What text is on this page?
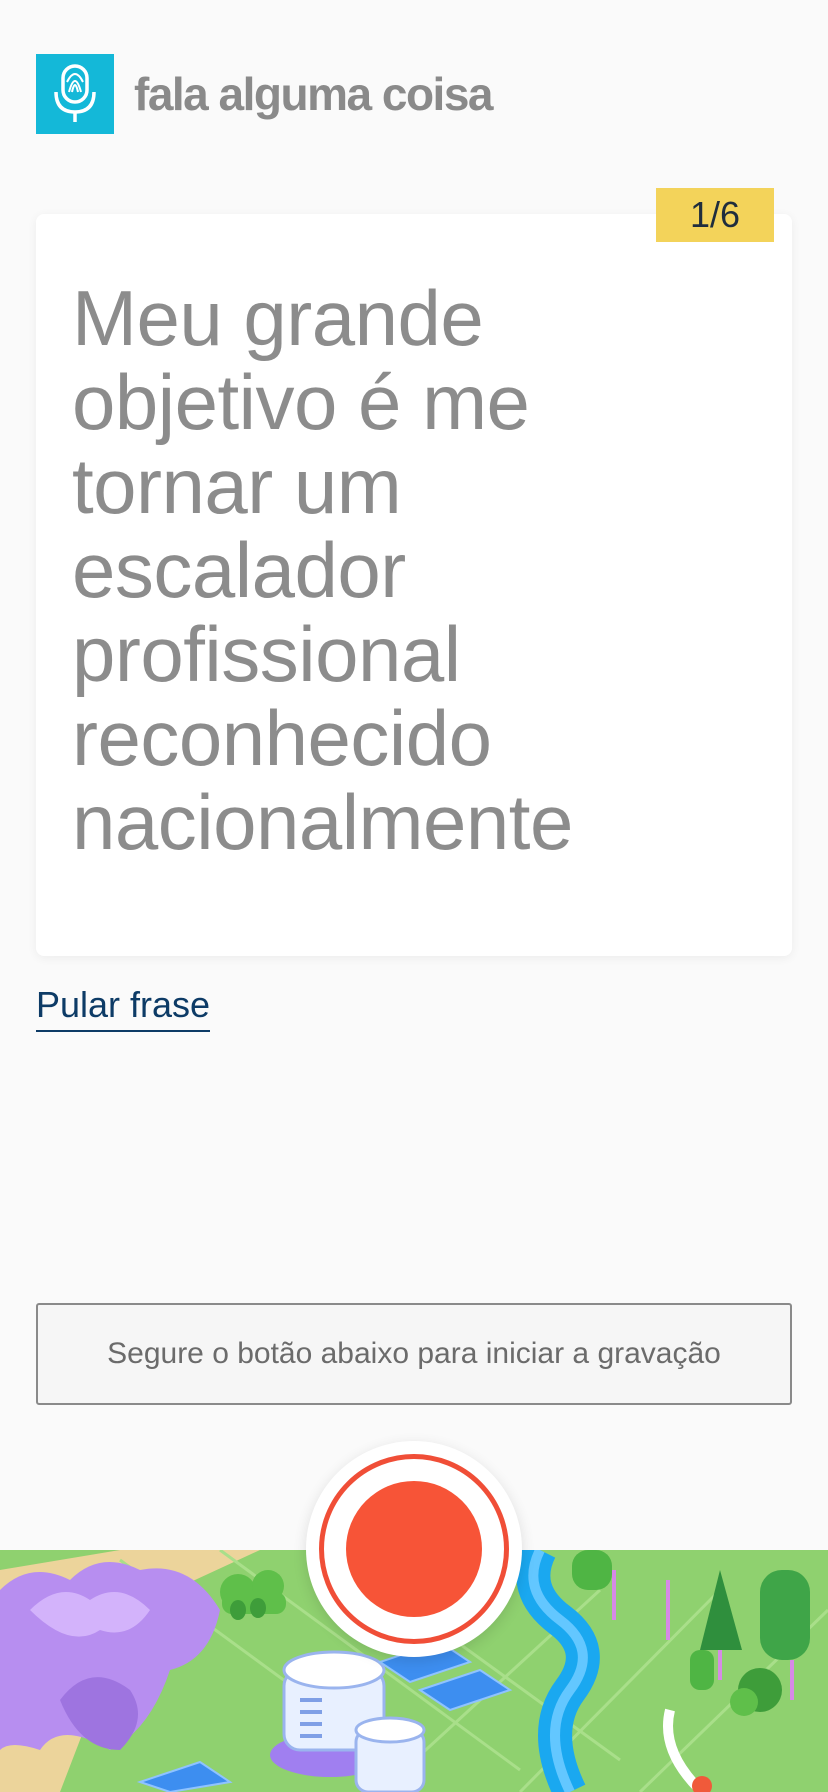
fala alguma coisa
1/6

Meu grande objetivo é me tornar um escalador profissional reconhecido nacionalmente

Pular frase
Segure o botão abaixo para iniciar a gravação
